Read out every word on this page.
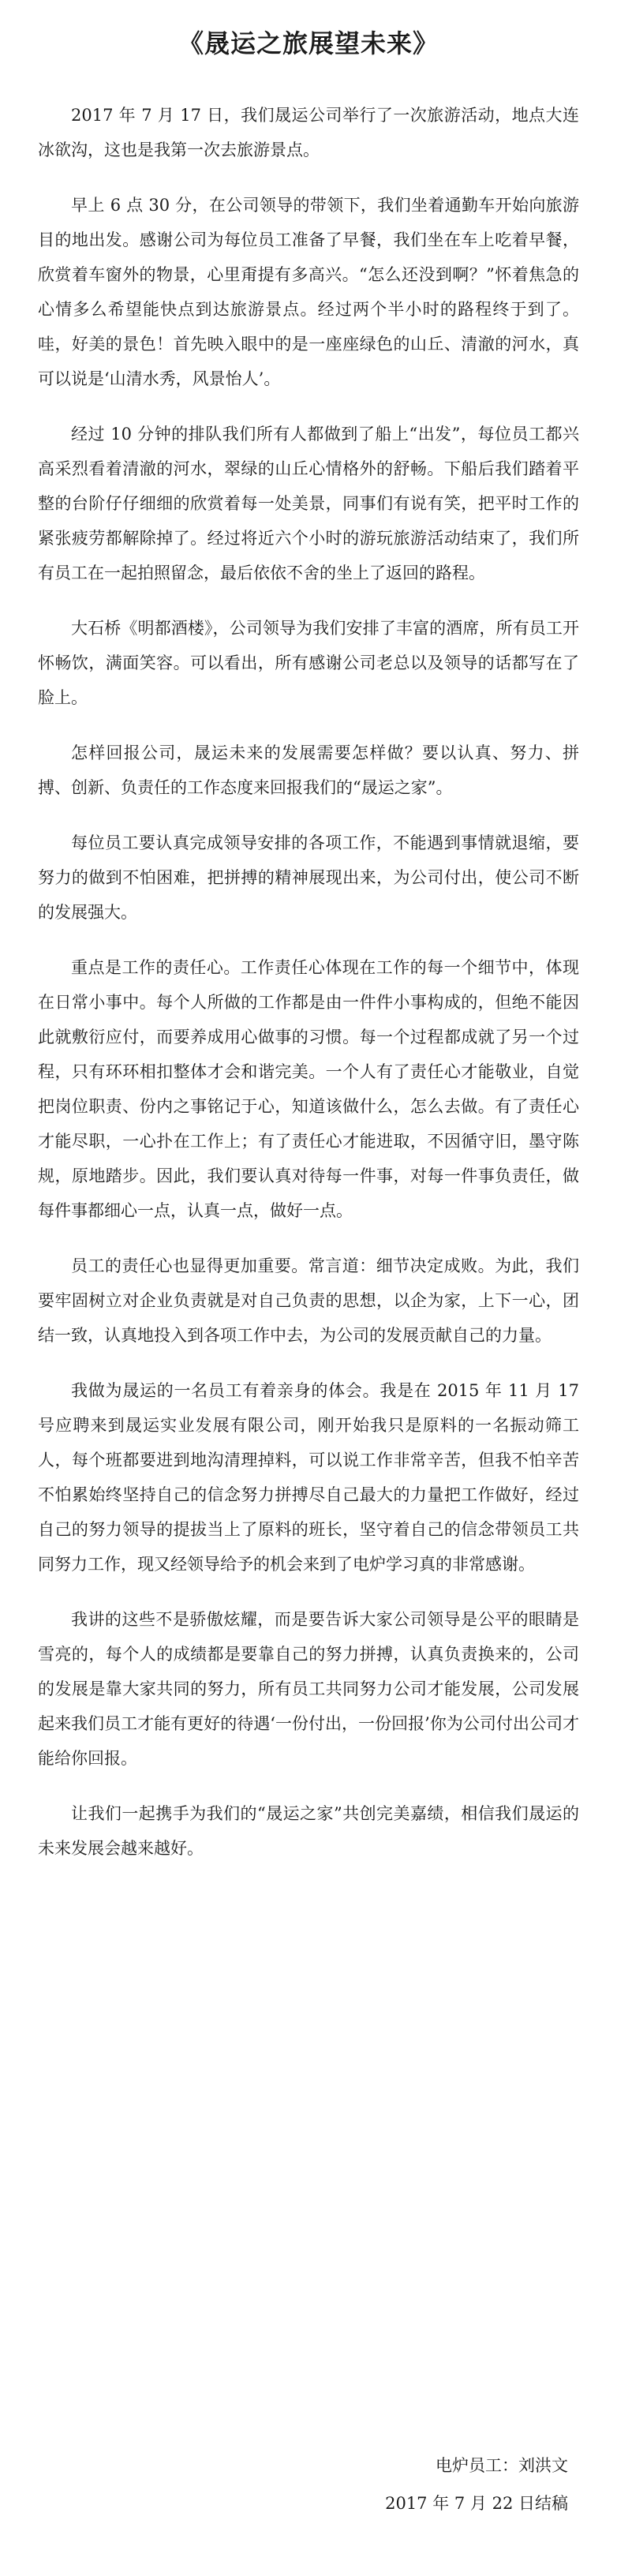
《晟运之旅展望未来》

2017 年 7 月 17 日，我们晟运公司举行了一次旅游活动，地点大连冰欲沟，这也是我第一次去旅游景点。

早上 6 点 30 分，在公司领导的带领下，我们坐着通勤车开始向旅游目的地出发。感谢公司为每位员工准备了早餐，我们坐在车上吃着早餐，欣赏着车窗外的物景，心里甭提有多高兴。“怎么还没到啊？”怀着焦急的心情多么希望能快点到达旅游景点。经过两个半小时的路程终于到了。哇，好美的景色！首先映入眼中的是一座座绿色的山丘、清澈的河水，真可以说是‘山清水秀，风景怡人’。

经过 10 分钟的排队我们所有人都做到了船上“出发”，每位员工都兴高采烈看着清澈的河水，翠绿的山丘心情格外的舒畅。下船后我们踏着平整的台阶仔仔细细的欣赏着每一处美景，同事们有说有笑，把平时工作的紧张疲劳都解除掉了。经过将近六个小时的游玩旅游活动结束了，我们所有员工在一起拍照留念，最后依依不舍的坐上了返回的路程。

大石桥《明都酒楼》，公司领导为我们安排了丰富的酒席，所有员工开怀畅饮，满面笑容。可以看出，所有感谢公司老总以及领导的话都写在了脸上。

怎样回报公司，晟运未来的发展需要怎样做？要以认真、努力、拼搏、创新、负责任的工作态度来回报我们的“晟运之家”。

每位员工要认真完成领导安排的各项工作，不能遇到事情就退缩，要努力的做到不怕困难，把拼搏的精神展现出来，为公司付出，使公司不断的发展强大。

重点是工作的责任心。工作责任心体现在工作的每一个细节中，体现在日常小事中。每个人所做的工作都是由一件件小事构成的，但绝不能因此就敷衍应付，而要养成用心做事的习惯。每一个过程都成就了另一个过程，只有环环相扣整体才会和谐完美。一个人有了责任心才能敬业，自觉把岗位职责、份内之事铭记于心，知道该做什么，怎么去做。有了责任心才能尽职，一心扑在工作上；有了责任心才能进取，不因循守旧，墨守陈规，原地踏步。因此，我们要认真对待每一件事，对每一件事负责任，做每件事都细心一点，认真一点，做好一点。

员工的责任心也显得更加重要。常言道：细节决定成败。为此，我们要牢固树立对企业负责就是对自己负责的思想，以企为家，上下一心，团结一致，认真地投入到各项工作中去，为公司的发展贡献自己的力量。

我做为晟运的一名员工有着亲身的体会。我是在 2015 年 11 月 17 号应聘来到晟运实业发展有限公司，刚开始我只是原料的一名振动筛工人，每个班都要进到地沟清理掉料，可以说工作非常辛苦，但我不怕辛苦不怕累始终坚持自己的信念努力拼搏尽自己最大的力量把工作做好，经过自己的努力领导的提拔当上了原料的班长，坚守着自己的信念带领员工共同努力工作，现又经领导给予的机会来到了电炉学习真的非常感谢。

我讲的这些不是骄傲炫耀，而是要告诉大家公司领导是公平的眼睛是雪亮的，每个人的成绩都是要靠自己的努力拼搏，认真负责换来的，公司的发展是靠大家共同的努力，所有员工共同努力公司才能发展，公司发展起来我们员工才能有更好的待遇‘一份付出，一份回报’你为公司付出公司才能给你回报。

让我们一起携手为我们的“晟运之家”共创完美嘉绩，相信我们晟运的未来发展会越来越好。

电炉员工：刘洪文

2017 年 7 月 22 日结稿
